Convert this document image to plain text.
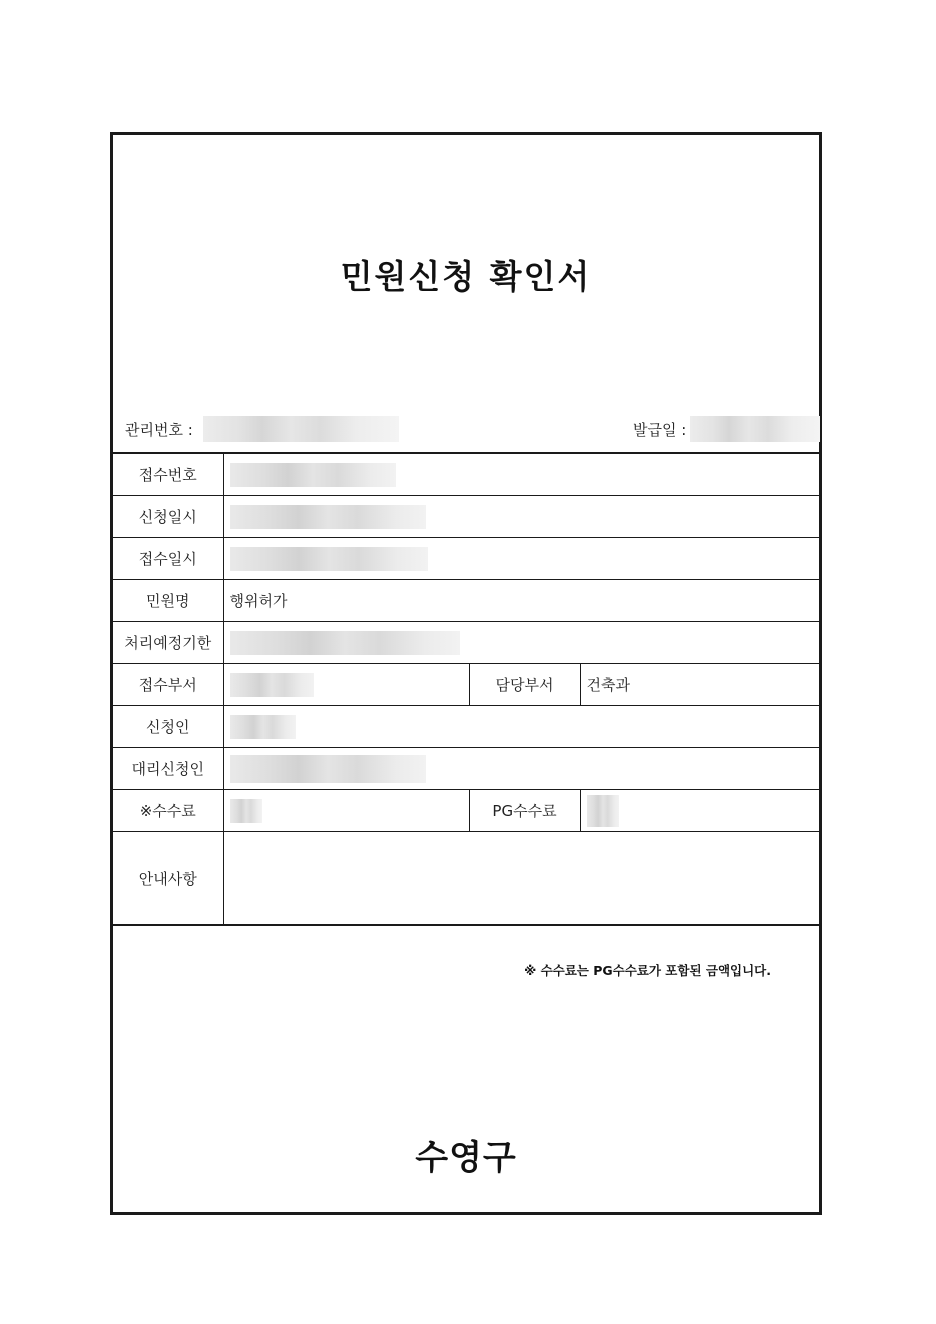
민원신청 확인서
관리번호 :	발급일 :
접수번호			
신청일시			
접수일시			
민원명	행위허가		
처리예정기한			
접수부서		담당부서	건축과
신청인			
대리신청인			
※수수료		PG수수료	
안내사항			
※ 수수료는 PG수수료가 포함된 금액입니다.
수영구
